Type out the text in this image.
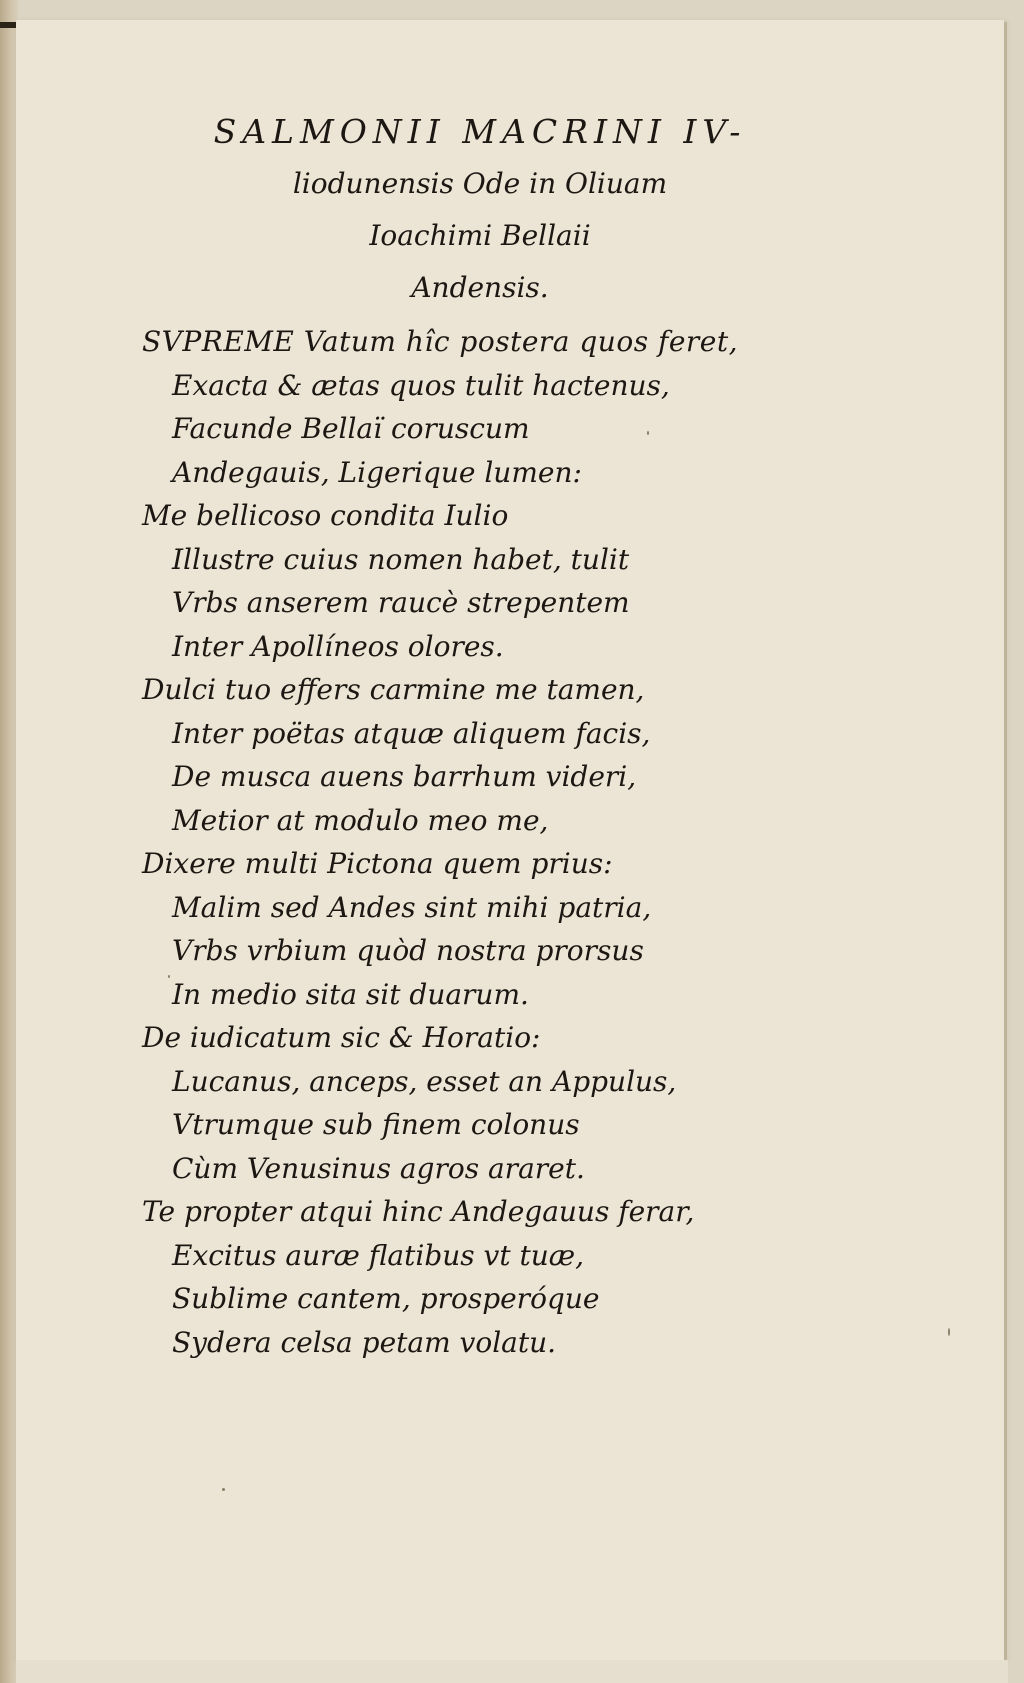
SALMONII MACRINI IV-
liodunensis Ode in Oliuam
Ioachimi Bellaii
Andensis.
SVPREME Vatum hîc postera quos feret,
Exacta & ætas quos tulit hactenus,
Facunde Bellaï coruscum
Andegauis, Ligerique lumen:
Me bellicoso condita Iulio
Illustre cuius nomen habet, tulit
Vrbs anserem raucè strepentem
Inter Apollíneos olores.
Dulci tuo effers carmine me tamen,
Inter poëtas atquæ aliquem facis,
De musca auens barrhum videri,
Metior at modulo meo me,
Dixere multi Pictona quem prius:
Malim sed Andes sint mihi patria,
Vrbs vrbium quòd nostra prorsus
In medio sita sit duarum.
De iudicatum sic & Horatio:
Lucanus, anceps, esset an Appulus,
Vtrumque sub finem colonus
Cùm Venusinus agros araret.
Te propter atqui hinc Andegauus ferar,
Excitus auræ flatibus vt tuæ,
Sublime cantem, prosperóque
Sydera celsa petam volatu.
